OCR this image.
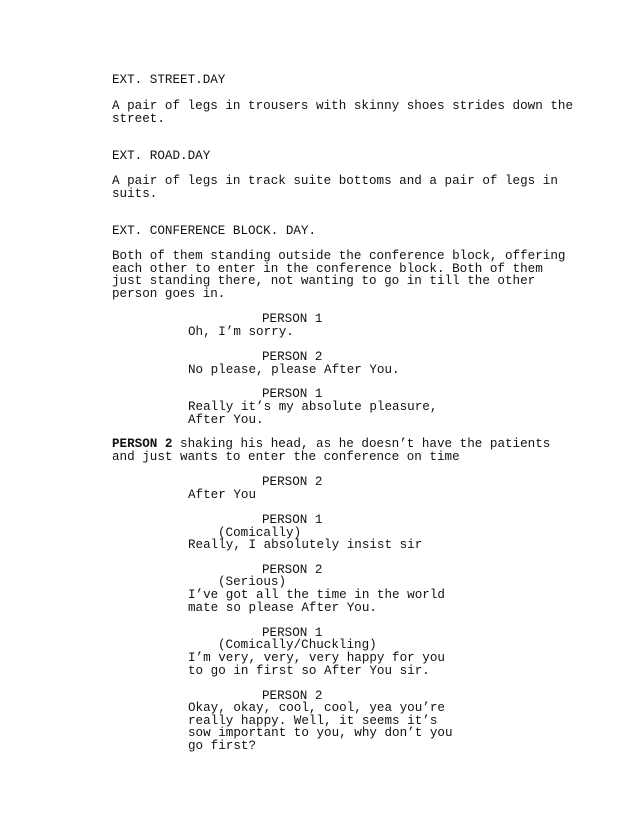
EXT. STREET.DAY
A pair of legs in trousers with skinny shoes strides down the
street.
EXT. ROAD.DAY
A pair of legs in track suite bottoms and a pair of legs in
suits.
EXT. CONFERENCE BLOCK. DAY.
Both of them standing outside the conference block, offering
each other to enter in the conference block. Both of them
just standing there, not wanting to go in till the other
person goes in.
PERSON 1
Oh, I’m sorry.
PERSON 2
No please, please After You.
PERSON 1
Really it’s my absolute pleasure,
After You.
PERSON 2 shaking his head, as he doesn’t have the patients
and just wants to enter the conference on time
PERSON 2
After You
PERSON 1
(Comically)
Really, I absolutely insist sir
PERSON 2
(Serious)
I’ve got all the time in the world
mate so please After You.
PERSON 1
(Comically/Chuckling)
I’m very, very, very happy for you
to go in first so After You sir.
PERSON 2
Okay, okay, cool, cool, yea you’re
really happy. Well, it seems it’s
sow important to you, why don’t you
go first?
